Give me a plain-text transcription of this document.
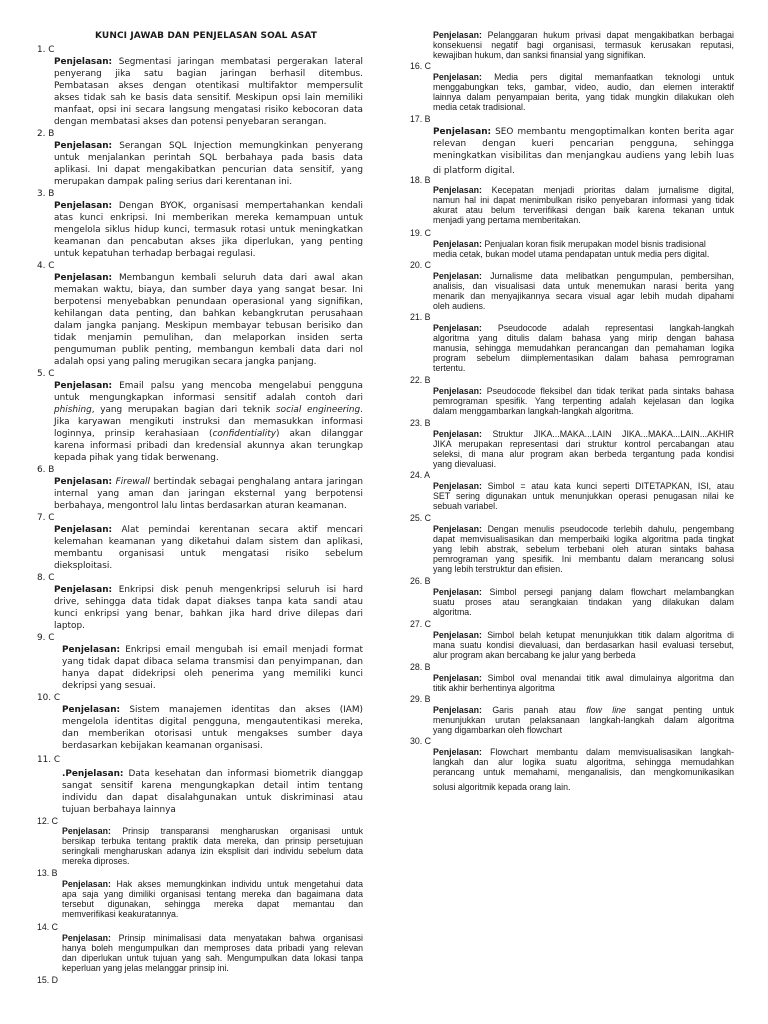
KUNCI JAWAB DAN PENJELASAN SOAL ASAT
1. C
Penjelasan: Segmentasi jaringan membatasi pergerakan lateral
penyerang jika satu bagian jaringan berhasil ditembus.
Pembatasan akses dengan otentikasi multifaktor mempersulit
akses tidak sah ke basis data sensitif. Meskipun opsi lain memiliki
manfaat, opsi ini secara langsung mengatasi risiko kebocoran data
dengan membatasi akses dan potensi penyebaran serangan.
2. B
Penjelasan: Serangan SQL Injection memungkinkan penyerang
untuk menjalankan perintah SQL berbahaya pada basis data
aplikasi. Ini dapat mengakibatkan pencurian data sensitif, yang
merupakan dampak paling serius dari kerentanan ini.
3. B
Penjelasan: Dengan BYOK, organisasi mempertahankan kendali
atas kunci enkripsi. Ini memberikan mereka kemampuan untuk
mengelola siklus hidup kunci, termasuk rotasi untuk meningkatkan
keamanan dan pencabutan akses jika diperlukan, yang penting
untuk kepatuhan terhadap berbagai regulasi.
4. C
Penjelasan: Membangun kembali seluruh data dari awal akan
memakan waktu, biaya, dan sumber daya yang sangat besar. Ini
berpotensi menyebabkan penundaan operasional yang signifikan,
kehilangan data penting, dan bahkan kebangkrutan perusahaan
dalam jangka panjang. Meskipun membayar tebusan berisiko dan
tidak menjamin pemulihan, dan melaporkan insiden serta
pengumuman publik penting, membangun kembali data dari nol
adalah opsi yang paling merugikan secara jangka panjang.
5. C
Penjelasan: Email palsu yang mencoba mengelabui pengguna
untuk mengungkapkan informasi sensitif adalah contoh dari
phishing, yang merupakan bagian dari teknik social engineering.
Jika karyawan mengikuti instruksi dan memasukkan informasi
loginnya, prinsip kerahasiaan (confidentiality) akan dilanggar
karena informasi pribadi dan kredensial akunnya akan terungkap
kepada pihak yang tidak berwenang.
6. B
Penjelasan: Firewall bertindak sebagai penghalang antara jaringan
internal yang aman dan jaringan eksternal yang berpotensi
berbahaya, mengontrol lalu lintas berdasarkan aturan keamanan.
7. C
Penjelasan: Alat pemindai kerentanan secara aktif mencari
kelemahan keamanan yang diketahui dalam sistem dan aplikasi,
membantu organisasi untuk mengatasi risiko sebelum
dieksploitasi.
8. C
Penjelasan: Enkripsi disk penuh mengenkripsi seluruh isi hard
drive, sehingga data tidak dapat diakses tanpa kata sandi atau
kunci enkripsi yang benar, bahkan jika hard drive dilepas dari
laptop.
9. C
Penjelasan: Enkripsi email mengubah isi email menjadi format
yang tidak dapat dibaca selama transmisi dan penyimpanan, dan
hanya dapat didekripsi oleh penerima yang memiliki kunci
dekripsi yang sesuai.
10. C
Penjelasan: Sistem manajemen identitas dan akses (IAM)
mengelola identitas digital pengguna, mengautentikasi mereka,
dan memberikan otorisasi untuk mengakses sumber daya
berdasarkan kebijakan keamanan organisasi.
11. C
.Penjelasan: Data kesehatan dan informasi biometrik dianggap
sangat sensitif karena mengungkapkan detail intim tentang
individu dan dapat disalahgunakan untuk diskriminasi atau
tujuan berbahaya lainnya
12. C
Penjelasan: Prinsip transparansi mengharuskan organisasi untuk
bersikap terbuka tentang praktik data mereka, dan prinsip persetujuan
seringkali mengharuskan adanya izin eksplisit dari individu sebelum data
mereka diproses.
13. B
Penjelasan: Hak akses memungkinkan individu untuk mengetahui data
apa saja yang dimiliki organisasi tentang mereka dan bagaimana data
tersebut digunakan, sehingga mereka dapat memantau dan
memverifikasi keakuratannya.
14. C
Penjelasan: Prinsip minimalisasi data menyatakan bahwa organisasi
hanya boleh mengumpulkan dan memproses data pribadi yang relevan
dan diperlukan untuk tujuan yang sah. Mengumpulkan data lokasi tanpa
keperluan yang jelas melanggar prinsip ini.
15. D
Penjelasan: Pelanggaran hukum privasi dapat mengakibatkan berbagai
konsekuensi negatif bagi organisasi, termasuk kerusakan reputasi,
kewajiban hukum, dan sanksi finansial yang signifikan.
16. C
Penjelasan: Media pers digital memanfaatkan teknologi untuk
menggabungkan teks, gambar, video, audio, dan elemen interaktif
lainnya dalam penyampaian berita, yang tidak mungkin dilakukan oleh
media cetak tradisional.
17. B
Penjelasan: SEO membantu mengoptimalkan konten berita agar
relevan dengan kueri pencarian pengguna, sehingga
meningkatkan visibilitas dan menjangkau audiens yang lebih luas
di platform digital.
18. B
Penjelasan: Kecepatan menjadi prioritas dalam jurnalisme digital,
namun hal ini dapat menimbulkan risiko penyebaran informasi yang tidak
akurat atau belum terverifikasi dengan baik karena tekanan untuk
menjadi yang pertama memberitakan.
19. C
Penjelasan: Penjualan koran fisik merupakan model bisnis tradisional
media cetak, bukan model utama pendapatan untuk media pers digital.
20. C
Penjelasan: Jurnalisme data melibatkan pengumpulan, pembersihan,
analisis, dan visualisasi data untuk menemukan narasi berita yang
menarik dan menyajikannya secara visual agar lebih mudah dipahami
oleh audiens.
21. B
Penjelasan: Pseudocode adalah representasi langkah-langkah
algoritma yang ditulis dalam bahasa yang mirip dengan bahasa
manusia, sehingga memudahkan perancangan dan pemahaman logika
program sebelum diimplementasikan dalam bahasa pemrograman
tertentu.
22. B
Penjelasan: Pseudocode fleksibel dan tidak terikat pada sintaks bahasa
pemrograman spesifik. Yang terpenting adalah kejelasan dan logika
dalam menggambarkan langkah-langkah algoritma.
23. B
Penjelasan: Struktur JIKA...MAKA...LAIN JIKA...MAKA...LAIN...AKHIR
JIKA merupakan representasi dari struktur kontrol percabangan atau
seleksi, di mana alur program akan berbeda tergantung pada kondisi
yang dievaluasi.
24. A
Penjelasan: Simbol = atau kata kunci seperti DITETAPKAN, ISI, atau
SET sering digunakan untuk menunjukkan operasi penugasan nilai ke
sebuah variabel.
25. C
Penjelasan: Dengan menulis pseudocode terlebih dahulu, pengembang
dapat memvisualisasikan dan memperbaiki logika algoritma pada tingkat
yang lebih abstrak, sebelum terbebani oleh aturan sintaks bahasa
pemrograman yang spesifik. Ini membantu dalam merancang solusi
yang lebih terstruktur dan efisien.
26. B
Penjelasan: Simbol persegi panjang dalam flowchart melambangkan
suatu proses atau serangkaian tindakan yang dilakukan dalam
algoritma.
27. C
Penjelasan: Simbol belah ketupat menunjukkan titik dalam algoritma di
mana suatu kondisi dievaluasi, dan berdasarkan hasil evaluasi tersebut,
alur program akan bercabang ke jalur yang berbeda
28. B
Penjelasan: Simbol oval menandai titik awal dimulainya algoritma dan
titik akhir berhentinya algoritma
29. B
Penjelasan: Garis panah atau flow line sangat penting untuk
menunjukkan urutan pelaksanaan langkah-langkah dalam algoritma
yang digambarkan oleh flowchart
30. C
Penjelasan: Flowchart membantu dalam memvisualisasikan langkah-
langkah dan alur logika suatu algoritma, sehingga memudahkan
perancang untuk memahami, menganalisis, dan mengkomunikasikan
solusi algoritmik kepada orang lain.
